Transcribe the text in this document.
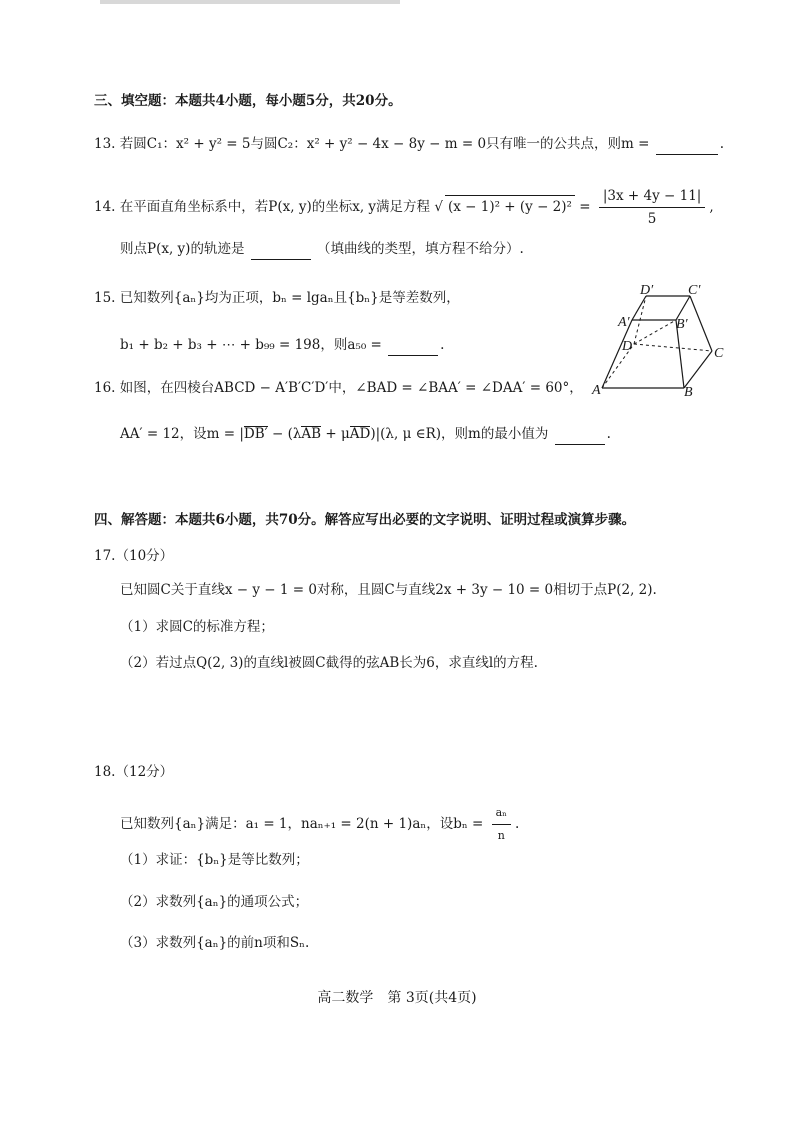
三、填空题：本题共4小题，每小题5分，共20分。
13. 若圆C₁：x² + y² = 5与圆C₂：x² + y² − 4x − 8y − m = 0只有唯一的公共点，则m =	.
14. 在平面直角坐标系中，若P(x, y)的坐标x, y满足方程 √ $(x - 1)^2 + (y - 2)^2 = \frac{|3x + 4y - 11|}{5}$ ,
则点P(x, y)的轨迹是	（填曲线的类型，填方程不给分）.
15. 已知数列{aₙ}均为正项，bₙ = lgaₙ且{bₙ}是等差数列，
b₁ + b₂ + b₃ + ⋯ + b₉₉ = 198，则a₅₀ =	.
16. 如图，在四棱台ABCD − A′B′C′D′中，∠BAD = ∠BAA′ = ∠DAA′ = 60°，
AA′ = 12，设m = |DB′ − (λAB + μAD)|(λ, μ ∈R)，则m的最小值为	.
D′ C′
A′	B′
D	C
A	B
四、解答题：本题共6小题，共70分。解答应写出必要的文字说明、证明过程或演算步骤。
17.（10分）
已知圆C关于直线x − y − 1 = 0对称，且圆C与直线2x + 3y − 10 = 0相切于点P(2, 2).
（1）求圆C的标准方程；
（2）若过点Q(2, 3)的直线l被圆C截得的弦AB长为6，求直线l的方程.
18.（12分）
已知数列{aₙ}满足：a₁ = 1，naₙ₊₁ = 2(n + 1)aₙ，设$b_n = \frac{\text{aₙ}}{n}$ .
（1）求证：{bₙ}是等比数列；
（2）求数列{aₙ}的通项公式；
（3）求数列{aₙ}的前n项和Sₙ.
高二数学　第 3页(共4页)
